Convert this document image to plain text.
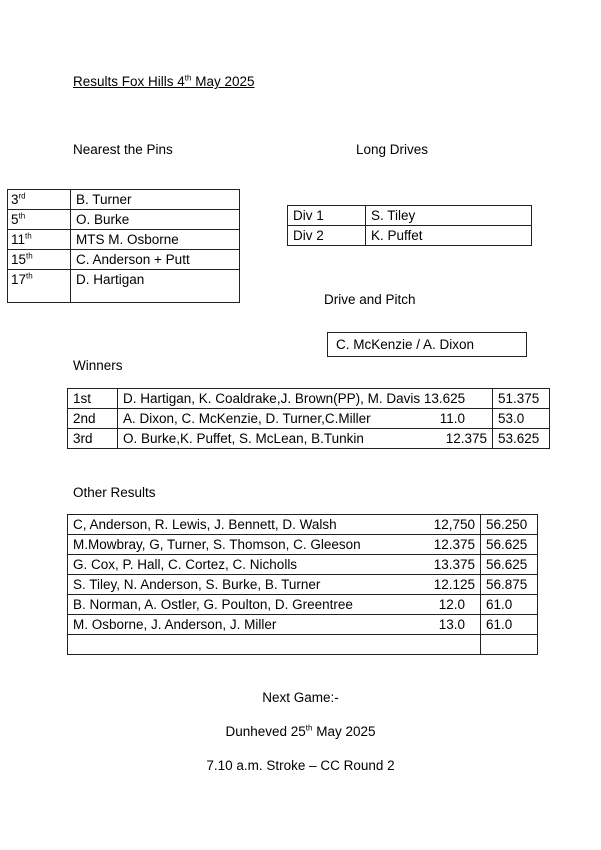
Results Fox Hills 4th May 2025
Nearest the Pins	Long Drives
3rd	B. Turner
5th	O. Burke
11th	MTS M. Osborne
15th	C. Anderson + Putt
17th	D. Hartigan
Div 1	S. Tiley
Div 2	K. Puffet
Drive and Pitch
C. McKenzie / A. Dixon
Winners
1st	D. Hartigan, K. Coaldrake,J. Brown(PP), M. Davis 13.625	51.375
2nd	A. Dixon, C. McKenzie, D. Turner,C.Miller 11.0	53.0
3rd	O. Burke,K. Puffet, S. McLean, B.Tunkin 12.375	53.625
Other Results
C, Anderson, R. Lewis, J. Bennett, D. Walsh 12,750	56.250
M.Mowbray, G, Turner, S. Thomson, C. Gleeson 12.375	56.625
G. Cox, P. Hall, C. Cortez, C. Nicholls 13.375	56.625
S. Tiley, N. Anderson, S. Burke, B. Turner 12.125	56.875
B. Norman, A. Ostler, G. Poulton, D. Greentree 12.0	61.0
M. Osborne, J. Anderson, J. Miller 13.0	61.0

Next Game:-
Dunheved 25th May 2025
7.10 a.m. Stroke – CC Round 2
